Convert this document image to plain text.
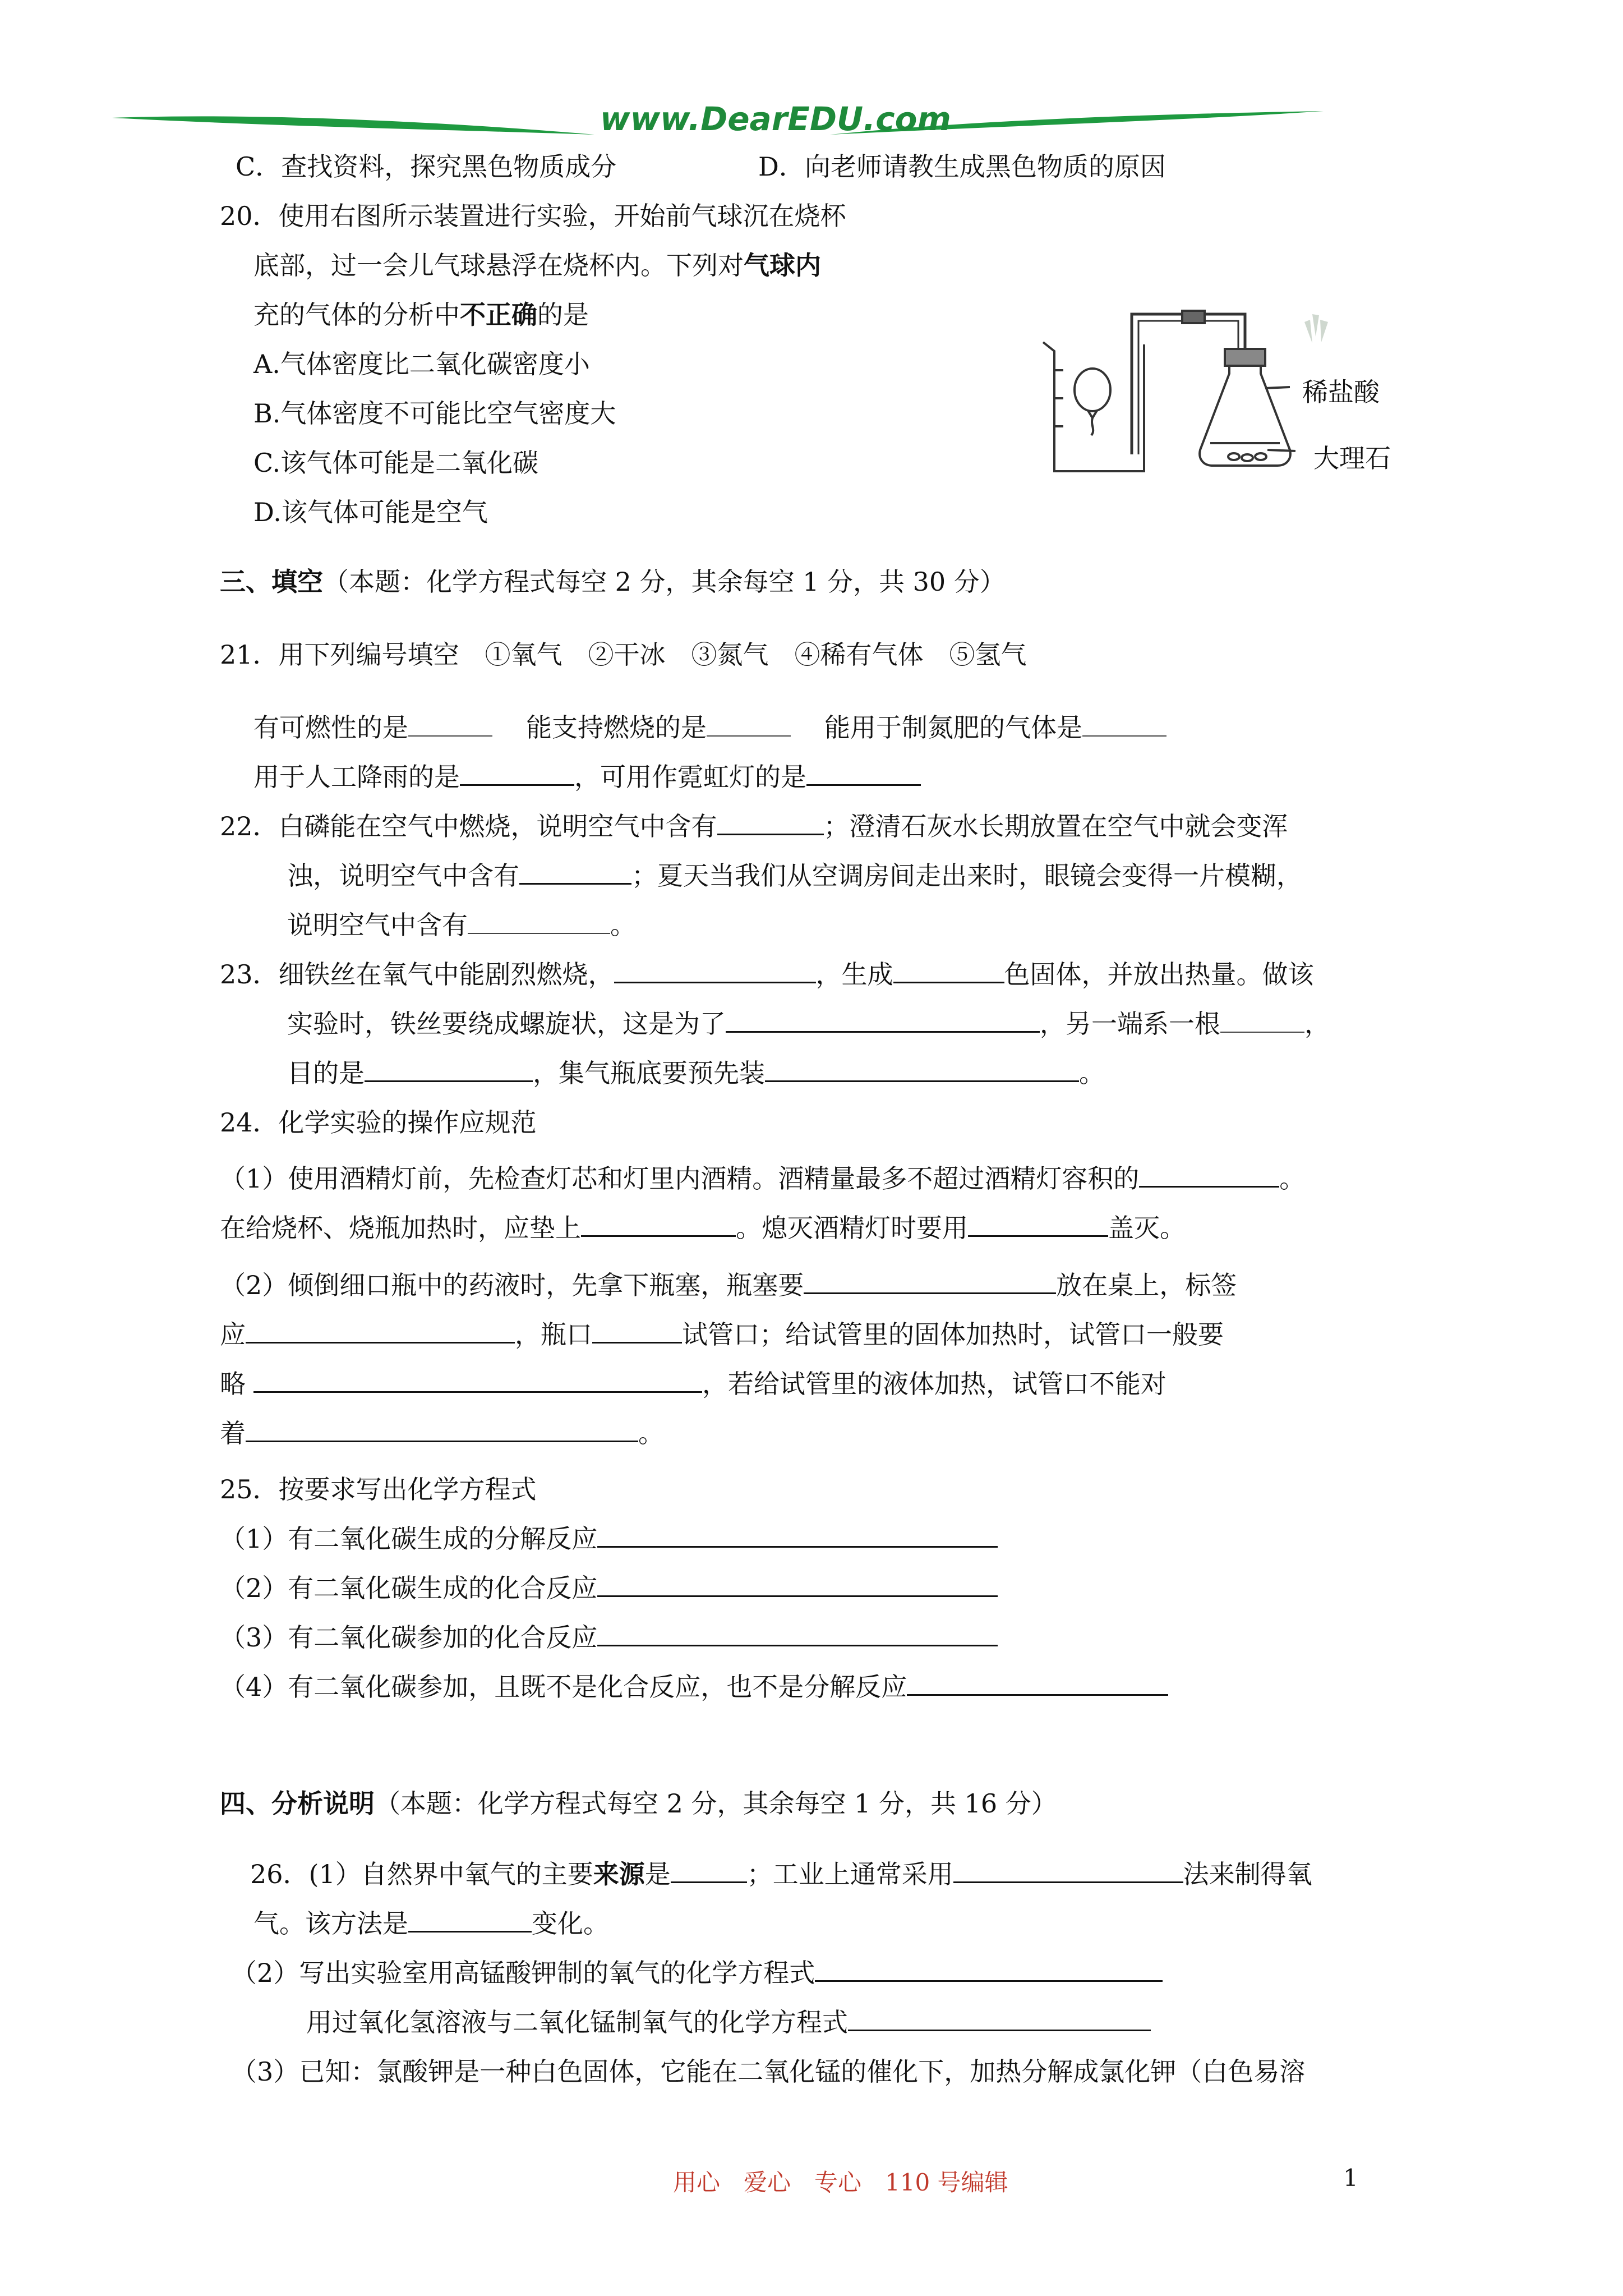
www.DearEDU.com
C．查找资料，探究黑色物质成分	D．向老师请教生成黑色物质的原因
20．使用右图所示装置进行实验，开始前气球沉在烧杯
底部，过一会儿气球悬浮在烧杯内。下列对气球内
充的气体的分析中不正确的是
A.气体密度比二氧化碳密度小
B.气体密度不可能比空气密度大
C.该气体可能是二氧化碳
D.该气体可能是空气
稀盐酸
大理石
三、填空（本题：化学方程式每空 2 分，其余每空 1 分，共 30 分）
21．用下列编号填空　①氧气　②干冰　③氮气　④稀有气体　⑤氢气
有可燃性的是	能支持燃烧的是	能用于制氮肥的气体是
用于人工降雨的是	，可用作霓虹灯的是
22．白磷能在空气中燃烧，说明空气中含有	；澄清石灰水长期放置在空气中就会变浑
浊，说明空气中含有	；夏天当我们从空调房间走出来时，眼镜会变得一片模糊，
说明空气中含有	。
23．细铁丝在氧气中能剧烈燃烧，	，生成	色固体，并放出热量。做该
实验时，铁丝要绕成螺旋状，这是为了	，另一端系一根	，
目的是	，集气瓶底要预先装	。
24．化学实验的操作应规范
（1）使用酒精灯前，先检查灯芯和灯里内酒精。酒精量最多不超过酒精灯容积的	。
在给烧杯、烧瓶加热时，应垫上	。熄灭酒精灯时要用	盖灭。
（2）倾倒细口瓶中的药液时，先拿下瓶塞，瓶塞要	放在桌上，标签
应	，瓶口	试管口；给试管里的固体加热时，试管口一般要
略	，若给试管里的液体加热，试管口不能对
着	。
25．按要求写出化学方程式
（1）有二氧化碳生成的分解反应
（2）有二氧化碳生成的化合反应
（3）有二氧化碳参加的化合反应
（4）有二氧化碳参加，且既不是化合反应，也不是分解反应
四、分析说明（本题：化学方程式每空 2 分，其余每空 1 分，共 16 分）
26．(1）自然界中氧气的主要来源是	；工业上通常采用	法来制得氧
气。该方法是	变化。
（2）写出实验室用高锰酸钾制的氧气的化学方程式
用过氧化氢溶液与二氧化锰制氧气的化学方程式
（3）已知：氯酸钾是一种白色固体，它能在二氧化锰的催化下，加热分解成氯化钾（白色易溶
用心　爱心　专心　110 号编辑	1
